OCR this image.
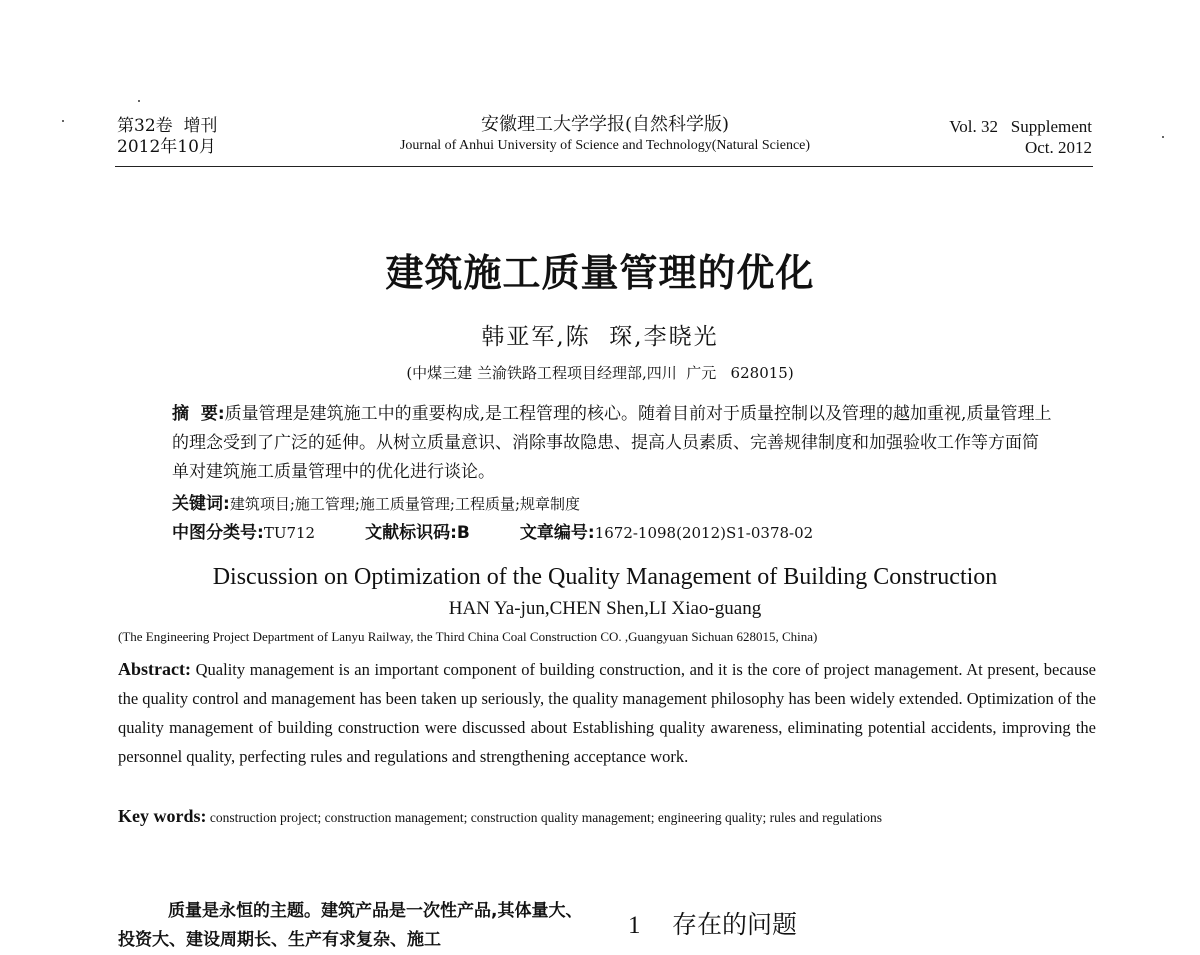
第32卷  增刊
2012年10月
安徽理工大学学报(自然科学版)
Journal of Anhui University of Science and Technology(Natural Science)
Vol. 32   Supplement
Oct. 2012
建筑施工质量管理的优化
韩亚军,陈  琛,李晓光
(中煤三建 兰渝铁路工程项目经理部,四川  广元   628015)
摘  要:质量管理是建筑施工中的重要构成,是工程管理的核心。随着目前对于质量控制以及管理的越加重视,质量管理上的理念受到了广泛的延伸。从树立质量意识、消除事故隐患、提高人员素质、完善规律制度和加强验收工作等方面简单对建筑施工质量管理中的优化进行谈论。
关键词:建筑项目;施工管理;施工质量管理;工程质量;规章制度
中图分类号:TU712	文献标识码:B	文章编号:1672-1098(2012)S1-0378-02
Discussion on Optimization of the Quality Management of Building Construction
HAN Ya-jun,CHEN Shen,LI Xiao-guang
(The Engineering Project Department of Lanyu Railway, the Third China Coal Construction CO. ,Guangyuan Sichuan 628015, China)
Abstract: Quality management is an important component of building construction, and it is the core of project management. At present, because the quality control and management has been taken up seriously, the quality management philosophy has been widely extended. Optimization of the quality management of building construction were discussed about Establishing quality awareness, eliminating potential accidents, improving the personnel quality, perfecting rules and regulations and strengthening acceptance work.
Key words: construction project; construction management; construction quality management; engineering quality; rules and regulations
质量是永恒的主题。建筑产品是一次性产品,其体量大、投资大、建设周期长、生产有求复杂、施工
1 存在的问题
